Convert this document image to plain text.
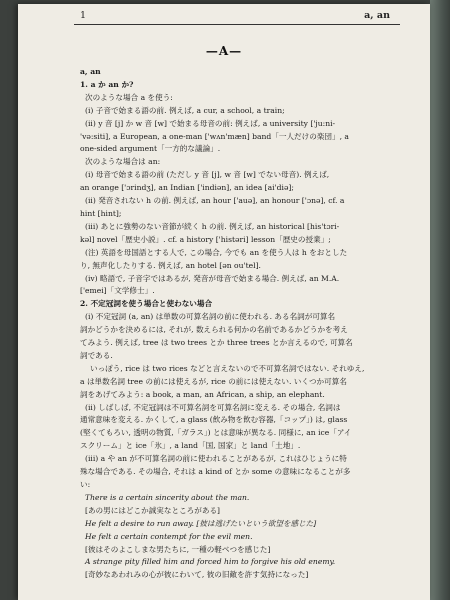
1	a, an
—A—
a, an
1. a か an か?
次のような場合 a を使う:
(i) 子音で始まる語の前. 例えば, a cur, a school, a train;
(ii) y 音 [j] か w 音 [w] で始まる母音の前: 例えば, a university ['ju:ni-
'və:siti], a European, a one-man ['wʌn'mæn] band「一人だけの楽団」, a
one-sided argument「一方的な議論」.
次のような場合は an:
(i) 母音で始まる語の前 (ただし y 音 [j], w 音 [w] でない母音). 例えば,
an orange ['ɔrindʒ], an Indian ['indiən], an idea [ai'diə];
(ii) 発音されない h の前. 例えば, an hour ['auə], an honour ['ɔnə], cf. a
hint [hint];
(iii) あとに強勢のない音節が続く h の前. 例えば, an historical [his'tɔri-
kəl] novel「歴史小説」. cf. a history ['histəri] lesson「歴史の授業」;
(注) 英語を母国語とする人で, この場合, 今でも an を使う人は h をおとした
り, 無声化したりする. 例えば, an hotel [ən ou'tel].
(iv) 略語で, 子音字ではあるが, 発音が母音で始まる場合. 例えば, an M.A.
['emei]「文学修士」.
2. 不定冠詞を使う場合と使わない場合
(i) 不定冠詞 (a, an) は単数の可算名詞の前に使われる. ある名詞が可算名
詞かどうかを決めるには, それが, 数えられる何かの名前であるかどうかを考え
てみよう. 例えば, tree は two trees とか three trees とか言えるので, 可算名
詞である.
いっぽう, rice は two rices などと言えないので不可算名詞ではない. それゆえ,
a は単数名詞 tree の前には使えるが, rice の前には使えない. いくつか可算名
詞をあげてみよう: a book, a man, an African, a ship, an elephant.
(ii) しばしば, 不定冠詞は不可算名詞を可算名詞に変える. その場合, 名詞は
通常意味を変える. かくして, a glass (飲み物を飲む容器,「コップ」) は, glass
(堅くてもろい, 透明の物質,「ガラス」) とは意味が異なる. 同様に, an ice「アイ
スクリーム」と ice「氷」, a land「国, 国家」と land「土地」.
(iii) a や an が不可算名詞の前に使われることがあるが, これはひじょうに特
殊な場合である. その場合, それは a kind of とか some の意味になることが多
い:
There is a certain sincerity about the man.
[あの男にはどこか誠実なところがある]
He felt a desire to run away. [彼は逃げたいという欲望を感じた]
He felt a certain contempt for the evil men.
[彼はそのよこしまな男たちに, 一種の軽べつを感じた]
A strange pity filled him and forced him to forgive his old enemy.
[奇妙なあわれみの心が彼にわいて, 彼の旧敵を許す気持になった]
